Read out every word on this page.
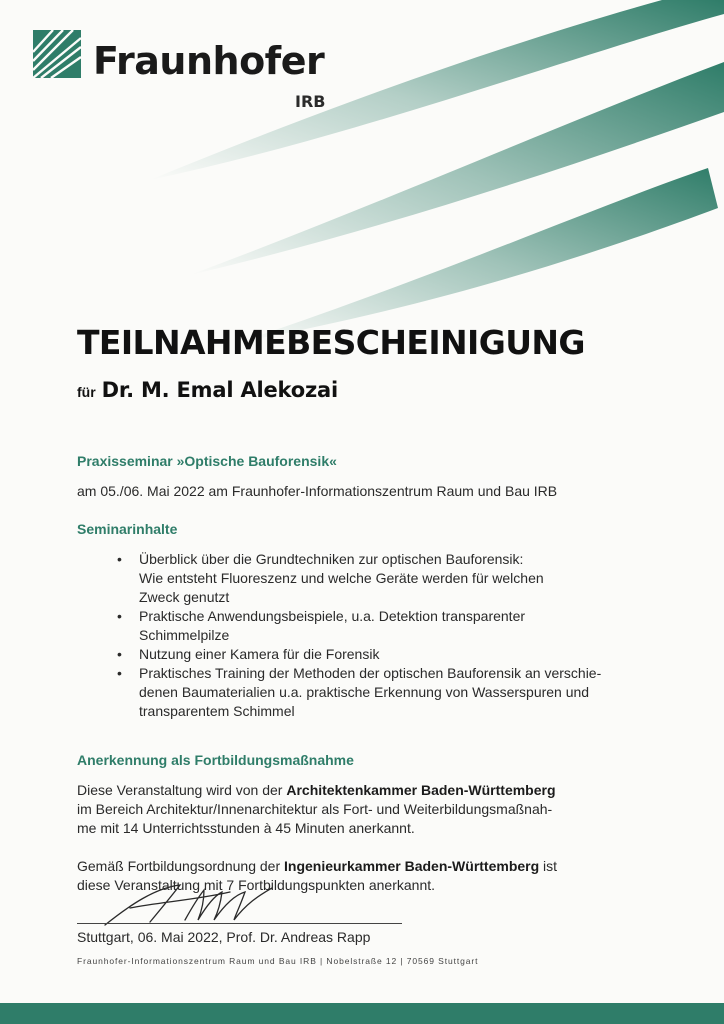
Fraunhofer
IRB
TEILNAHMEBESCHEINIGUNG
für Dr. M. Emal Alekozai

Praxisseminar »Optische Bauforensik«

am 05./06. Mai 2022 am Fraunhofer-Informationszentrum Raum und Bau IRB

Seminarinhalte

• Überblick über die Grundtechniken zur optischen Bauforensik:
Wie entsteht Fluoreszenz und welche Geräte werden für welchen
Zweck genutzt
• Praktische Anwendungsbeispiele, u.a. Detektion transparenter
Schimmelpilze
• Nutzung einer Kamera für die Forensik
• Praktisches Training der Methoden der optischen Bauforensik an verschie-
denen Baumaterialien u.a. praktische Erkennung von Wasserspuren und
transparentem Schimmel

Anerkennung als Fortbildungsmaßnahme

Diese Veranstaltung wird von der Architektenkammer Baden-Württemberg
im Bereich Architektur/Innenarchitektur als Fort- und Weiterbildungsmaßnah-
me mit 14 Unterrichtsstunden à 45 Minuten anerkannt.

Gemäß Fortbildungsordnung der Ingenieurkammer Baden-Württemberg ist
diese Veranstaltung mit 7 Fortbildungspunkten anerkannt.

Stuttgart, 06. Mai 2022, Prof. Dr. Andreas Rapp
Fraunhofer-Informationszentrum Raum und Bau IRB | Nobelstraße 12 | 70569 Stuttgart
